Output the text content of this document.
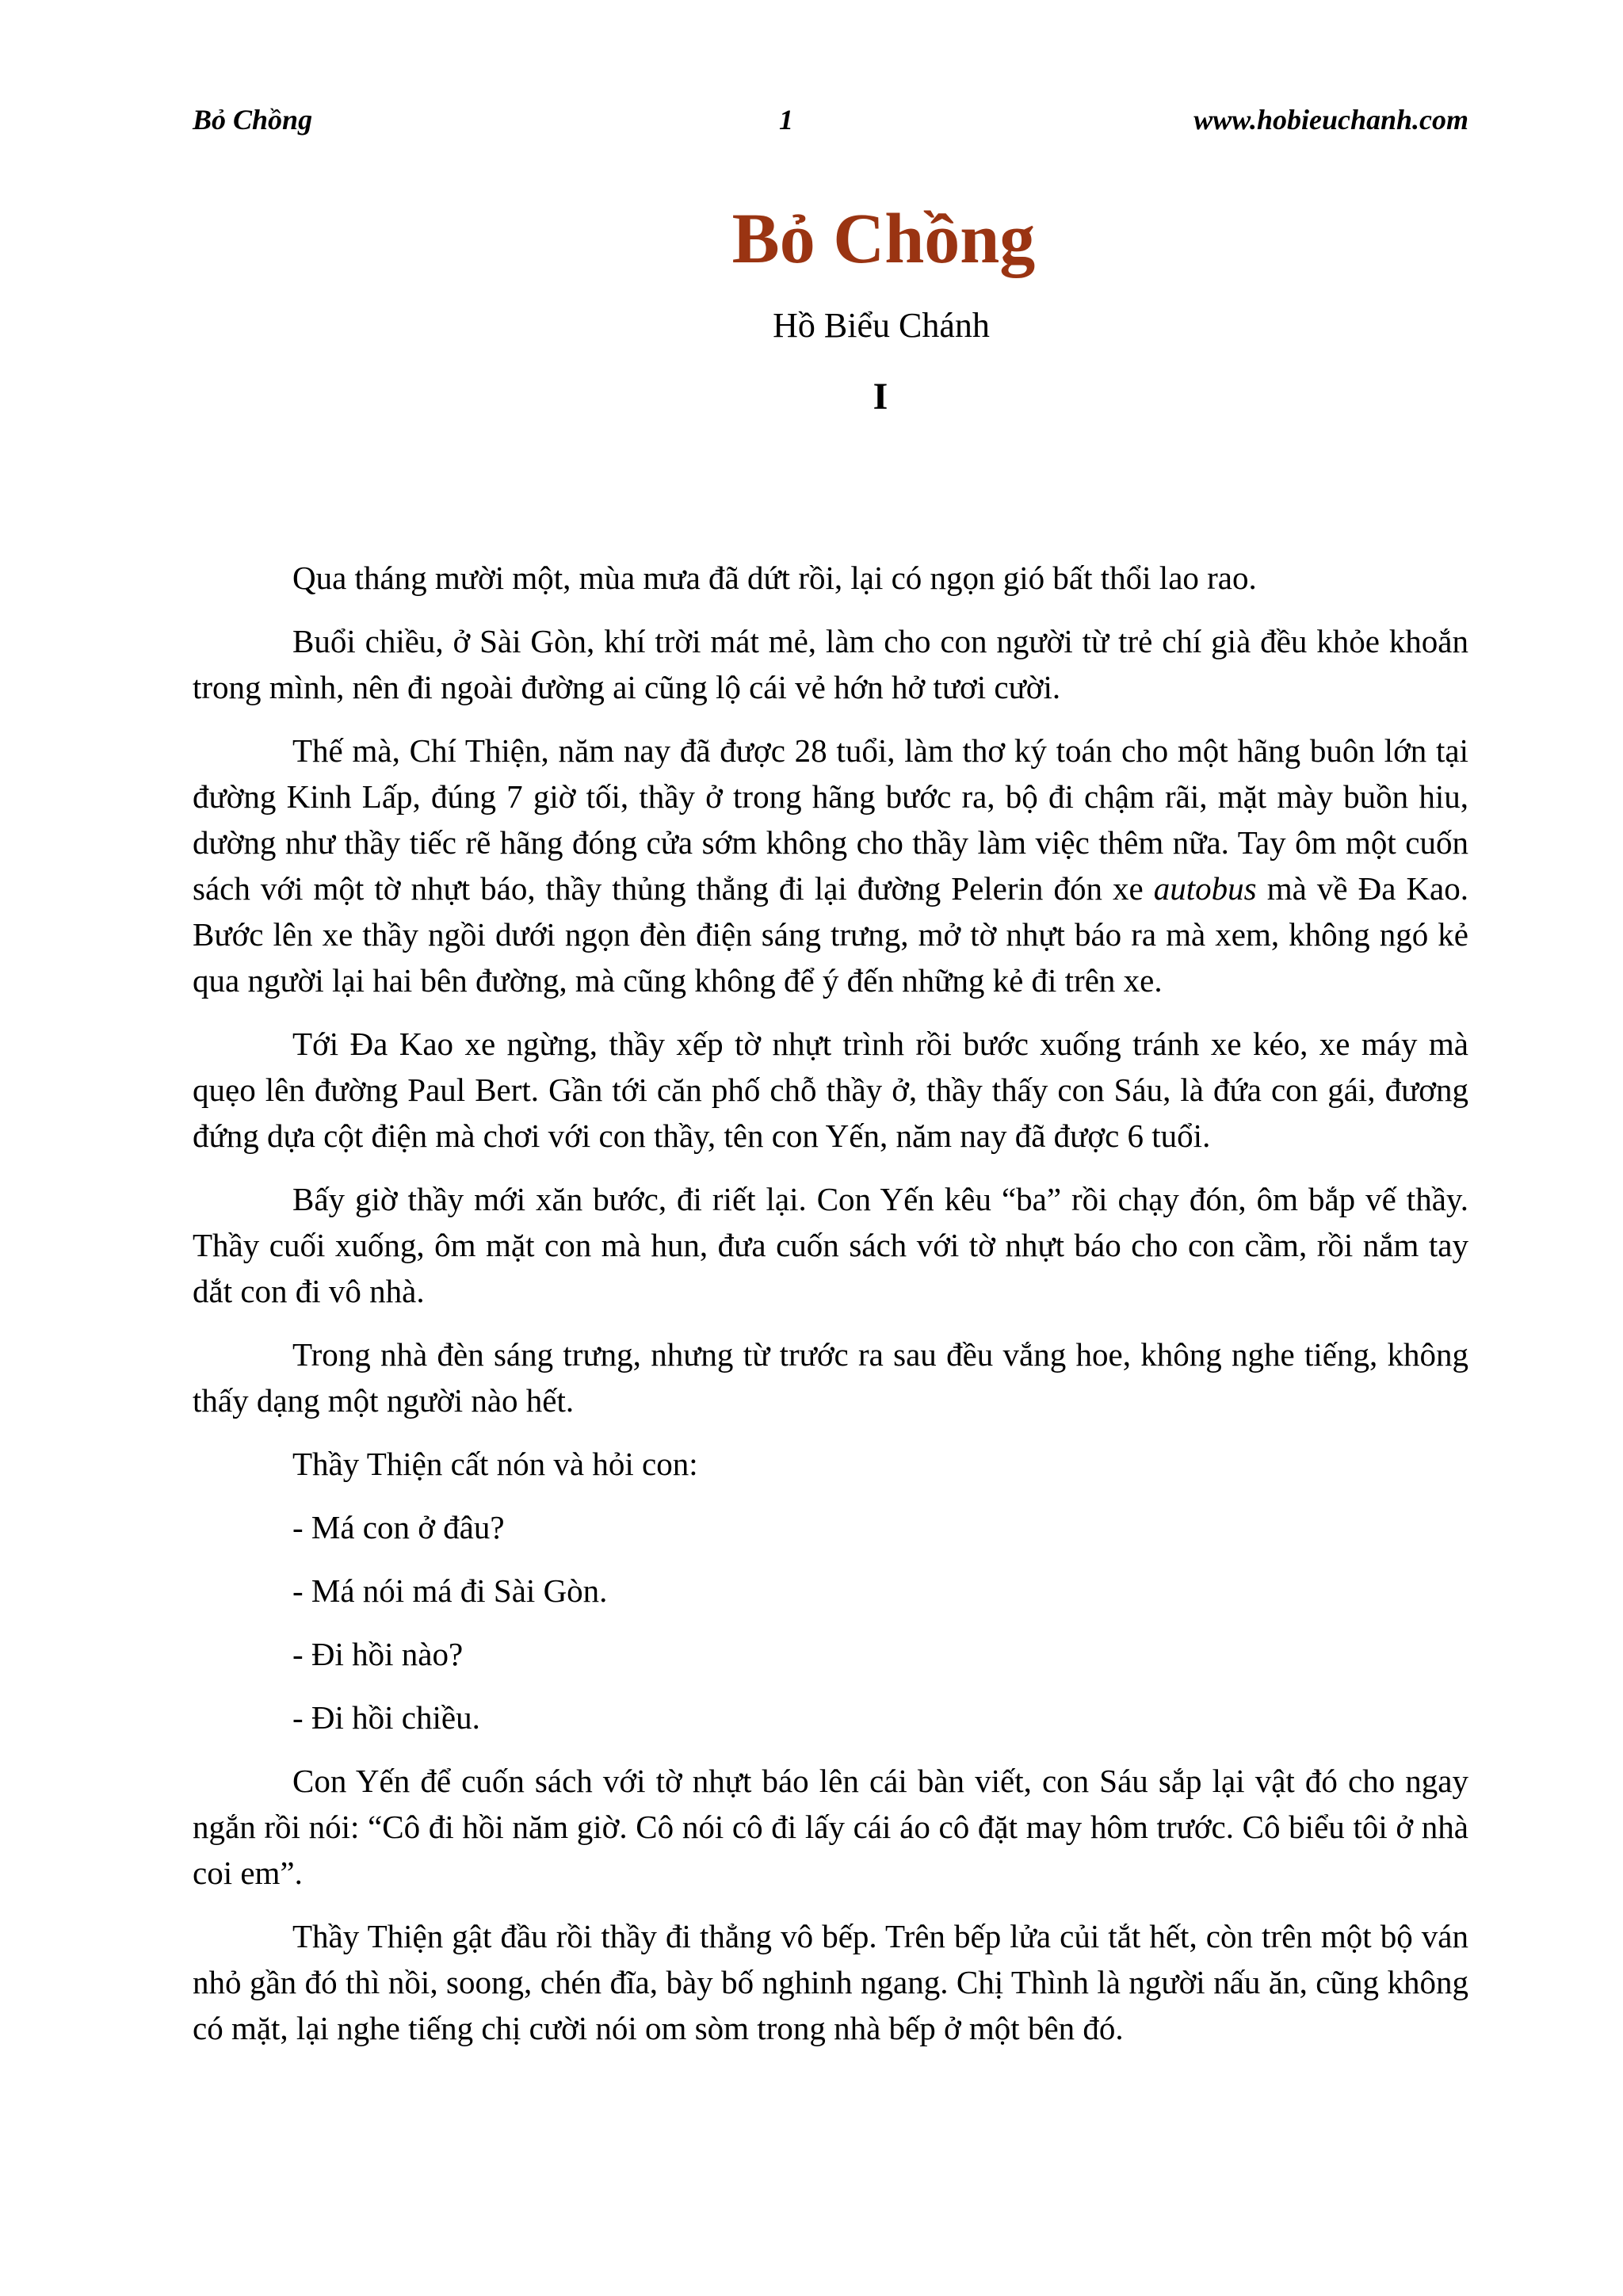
Bỏ Chồng	1	www.hobieuchanh.com
Bỏ Chồng
Hồ Biểu Chánh
I

Qua tháng mười một, mùa mưa đã dứt rồi, lại có ngọn gió bất thổi lao rao.

Buổi chiều, ở Sài Gòn, khí trời mát mẻ, làm cho con người từ trẻ chí già đều khỏe khoắn trong mình, nên đi ngoài đường ai cũng lộ cái vẻ hớn hở tươi cười.

Thế mà, Chí Thiện, năm nay đã được 28 tuổi, làm thơ ký toán cho một hãng buôn lớn tại đường Kinh Lấp, đúng 7 giờ tối, thầy ở trong hãng bước ra, bộ đi chậm rãi, mặt mày buồn hiu, dường như thầy tiếc rẽ hãng đóng cửa sớm không cho thầy làm việc thêm nữa. Tay ôm một cuốn sách với một tờ nhựt báo, thầy thủng thẳng đi lại đường Pelerin đón xe autobus mà về Đa Kao. Bước lên xe thầy ngồi dưới ngọn đèn điện sáng trưng, mở tờ nhựt báo ra mà xem, không ngó kẻ qua người lại hai bên đường, mà cũng không để ý đến những kẻ đi trên xe.

Tới Đa Kao xe ngừng, thầy xếp tờ nhựt trình rồi bước xuống tránh xe kéo, xe máy mà quẹo lên đường Paul Bert. Gần tới căn phố chỗ thầy ở, thầy thấy con Sáu, là đứa con gái, đương đứng dựa cột điện mà chơi với con thầy, tên con Yến, năm nay đã được 6 tuổi.

Bấy giờ thầy mới xăn bước, đi riết lại. Con Yến kêu “ba” rồi chạy đón, ôm bắp vế thầy. Thầy cuối xuống, ôm mặt con mà hun, đưa cuốn sách với tờ nhựt báo cho con cầm, rồi nắm tay dắt con đi vô nhà.

Trong nhà đèn sáng trưng, nhưng từ trước ra sau đều vắng hoe, không nghe tiếng, không thấy dạng một người nào hết.

Thầy Thiện cất nón và hỏi con:

- Má con ở đâu?

- Má nói má đi Sài Gòn.

- Đi hồi nào?

- Đi hồi chiều.

Con Yến để cuốn sách với tờ nhựt báo lên cái bàn viết, con Sáu sắp lại vật đó cho ngay ngắn rồi nói: “Cô đi hồi năm giờ. Cô nói cô đi lấy cái áo cô đặt may hôm trước. Cô biểu tôi ở nhà coi em”.

Thầy Thiện gật đầu rồi thầy đi thẳng vô bếp. Trên bếp lửa củi tắt hết, còn trên một bộ ván nhỏ gần đó thì nồi, soong, chén đĩa, bày bố nghinh ngang. Chị Thình là người nấu ăn, cũng không có mặt, lại nghe tiếng chị cười nói om sòm trong nhà bếp ở một bên đó.
